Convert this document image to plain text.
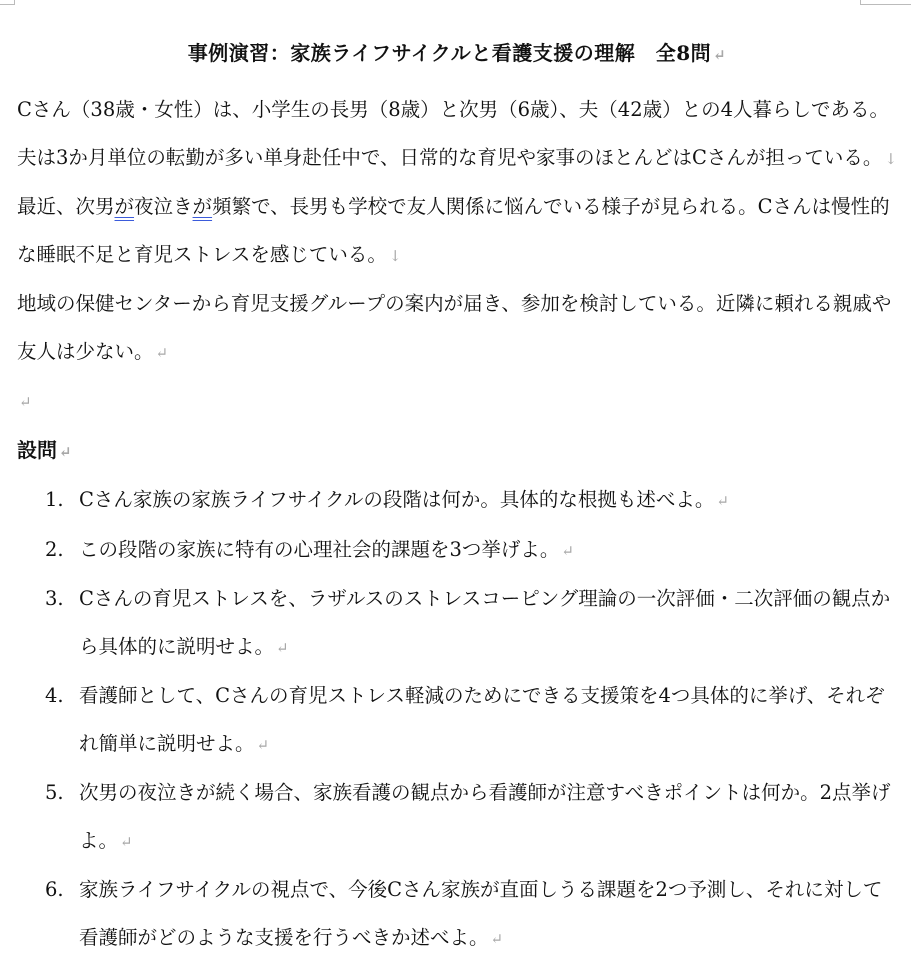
事例演習：家族ライフサイクルと看護支援の理解　全8問 ↵

Cさん（38歳・女性）は、小学生の長男（8歳）と次男（6歳）、夫（42歳）との4人暮らしである。夫は3か月単位の転勤が多い単身赴任中で、日常的な育児や家事のほとんどはCさんが担っている。 ↓

最近、次男が夜泣きが頻繁で、長男も学校で友人関係に悩んでいる様子が見られる。Cさんは慢性的な睡眠不足と育児ストレスを感じている。 ↓

地域の保健センターから育児支援グループの案内が届き、参加を検討している。近隣に頼れる親戚や友人は少ない。 ↵

↵

設問 ↵
1. Cさん家族の家族ライフサイクルの段階は何か。具体的な根拠も述べよ。 ↵
2. この段階の家族に特有の心理社会的課題を3つ挙げよ。 ↵
3. Cさんの育児ストレスを、ラザルスのストレスコーピング理論の一次評価・二次評価の観点から具体的に説明せよ。 ↵
4. 看護師として、Cさんの育児ストレス軽減のためにできる支援策を4つ具体的に挙げ、それぞれ簡単に説明せよ。 ↵
5. 次男の夜泣きが続く場合、家族看護の観点から看護師が注意すべきポイントは何か。2点挙げよ。 ↵
6. 家族ライフサイクルの視点で、今後Cさん家族が直面しうる課題を2つ予測し、それに対して看護師がどのような支援を行うべきか述べよ。 ↵
